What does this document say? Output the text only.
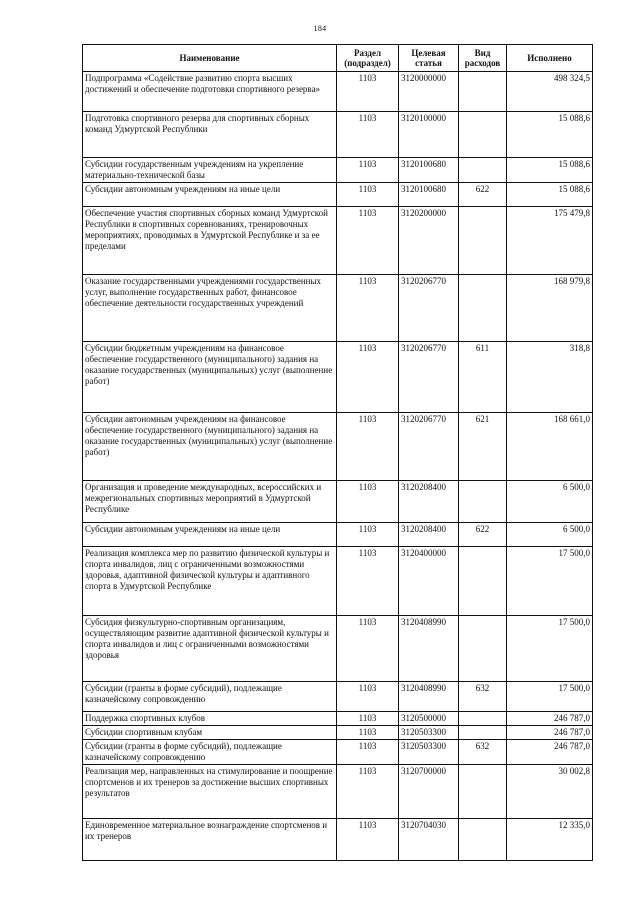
184
Наименование	Раздел (подраздел)	Целевая статья	Вид расходов	Исполнено
Подпрограмма «Содействие развитию спорта высших достижений и обеспечение подготовки спортивного резерва»	1103	3120000000		498 324,5
Подготовка спортивного резерва для спортивных сборных команд Удмуртской Республики	1103	3120100000		15 088,6
Субсидии государственным учреждениям на укрепление материально-технической базы	1103	3120100680		15 088,6
Субсидии автономным учреждениям на иные цели	1103	3120100680	622	15 088,6
Обеспечение участия спортивных сборных команд Удмуртской Республики в спортивных соревнованиях, тренировочных мероприятиях, проводимых в Удмуртской Республике и за ее пределами	1103	3120200000		175 479,8
Оказание государственными учреждениями государственных услуг, выполнение государственных работ, финансовое обеспечение деятельности государственных учреждений	1103	3120206770		168 979,8
Субсидии бюджетным учреждениям на финансовое обеспечение государственного (муниципального) задания на оказание государственных (муниципальных) услуг (выполнение работ)	1103	3120206770	611	318,8
Субсидии автономным учреждениям на финансовое обеспечение государственного (муниципального) задания на оказание государственных (муниципальных) услуг (выполнение работ)	1103	3120206770	621	168 661,0
Организация и проведение международных, всероссийских и межрегиональных спортивных мероприятий в Удмуртской Республике	1103	3120208400		6 500,0
Субсидии автономным учреждениям на иные цели	1103	3120208400	622	6 500,0
Реализация комплекса мер по развитию физической культуры и спорта инвалидов, лиц с ограниченными возможностями здоровья, адаптивной физической культуры и адаптивного спорта в Удмуртской Республике	1103	3120400000		17 500,0
Субсидия физкультурно-спортивным организациям, осуществляющим развитие адаптивной физической культуры и спорта инвалидов и лиц с ограниченными возможностями здоровья	1103	3120408990		17 500,0
Субсидии (гранты в форме субсидий), подлежащие казначейскому сопровождению	1103	3120408990	632	17 500,0
Поддержка спортивных клубов	1103	3120500000		246 787,0
Субсидии спортивным клубам	1103	3120503300		246 787,0
Субсидии (гранты в форме субсидий), подлежащие казначейскому сопровождению	1103	3120503300	632	246 787,0
Реализация мер, направленных на стимулирование и поощрение спортсменов и их тренеров за достижение высших спортивных результатов	1103	3120700000		30 002,8
Единовременное материальное вознаграждение спортсменов и их тренеров	1103	3120704030		12 335,0
